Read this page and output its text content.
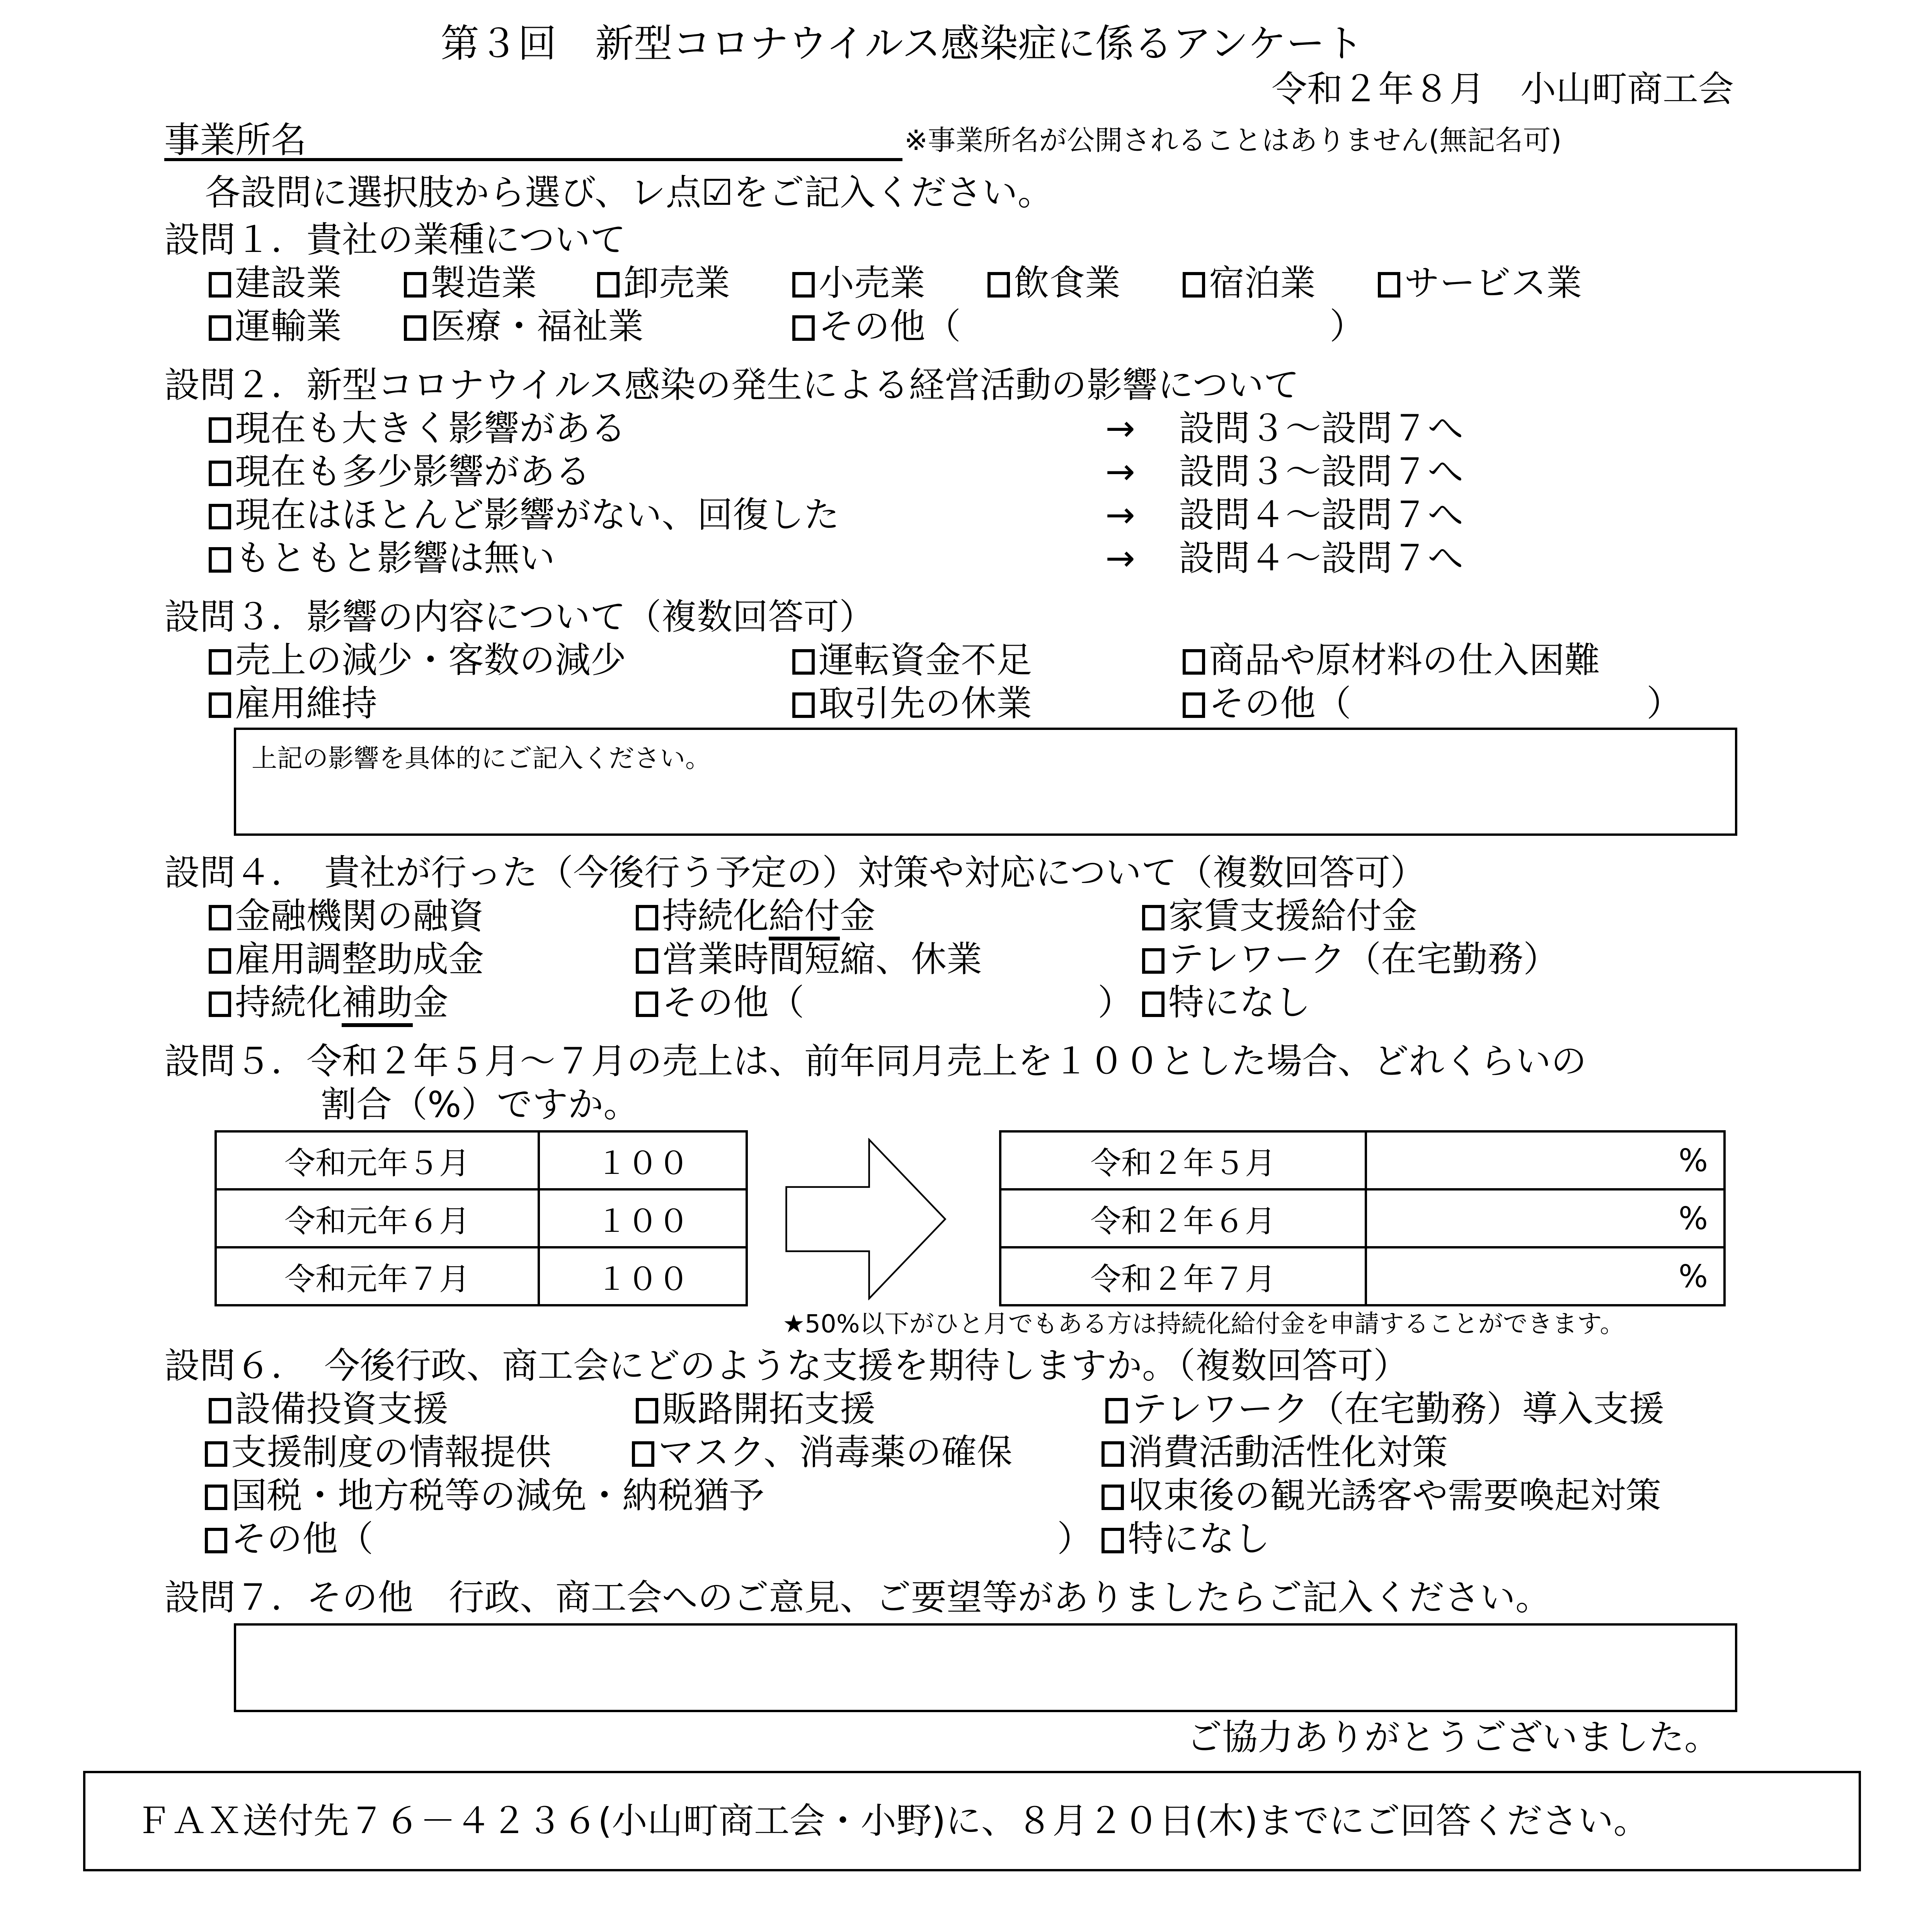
第３回　新型コロナウイルス感染症に係るアンケート
令和２年８月　小山町商工会
事業所名	※事業所名が公開されることはありません(無記名可)
各設問に選択肢から選び、レ点☑をご記入ください。
設問１．貴社の業種について
建設業	製造業	卸売業	小売業	飲食業	宿泊業	サービス業
運輸業	医療・福祉業	その他（	）
設問２．新型コロナウイルス感染の発生による経営活動の影響について
現在も大きく影響がある	→ 設問３〜設問７へ
現在も多少影響がある	→ 設問３〜設問７へ
現在はほとんど影響がない、回復した	→ 設問４〜設問７へ
もともと影響は無い	→ 設問４〜設問７へ
設問３．影響の内容について（複数回答可）
売上の減少・客数の減少	運転資金不足	商品や原材料の仕入困難
雇用維持	取引先の休業	その他（	）
上記の影響を具体的にご記入ください。
設問４．　貴社が行った（今後行う予定の）対策や対応について（複数回答可）
金融機関の融資	持続化給付金	家賃支援給付金
雇用調整助成金	営業時間短縮、休業	テレワーク（在宅勤務）
持続化補助金	その他（	） 特になし
設問５．令和２年５月〜７月の売上は、前年同月売上を１００とした場合、どれくらいの
割合（%）ですか。
令和元年５月	１００
令和元年６月	１００
令和元年７月	１００
令和２年５月	%
令和２年６月	%
令和２年７月	%
★50%以下がひと月でもある方は持続化給付金を申請することができます。
設問６．　今後行政、商工会にどのような支援を期待しますか。（複数回答可）
設備投資支援	販路開拓支援	テレワーク（在宅勤務）導入支援
支援制度の情報提供	マスク、消毒薬の確保	消費活動活性化対策
国税・地方税等の減免・納税猶予	収束後の観光誘客や需要喚起対策
その他（	） 特になし
設問７．その他　行政、商工会へのご意見、ご要望等がありましたらご記入ください。
ご協力ありがとうございました。
ＦＡＸ送付先７６－４２３６(小山町商工会・小野)に、８月２０日(木)までにご回答ください。
